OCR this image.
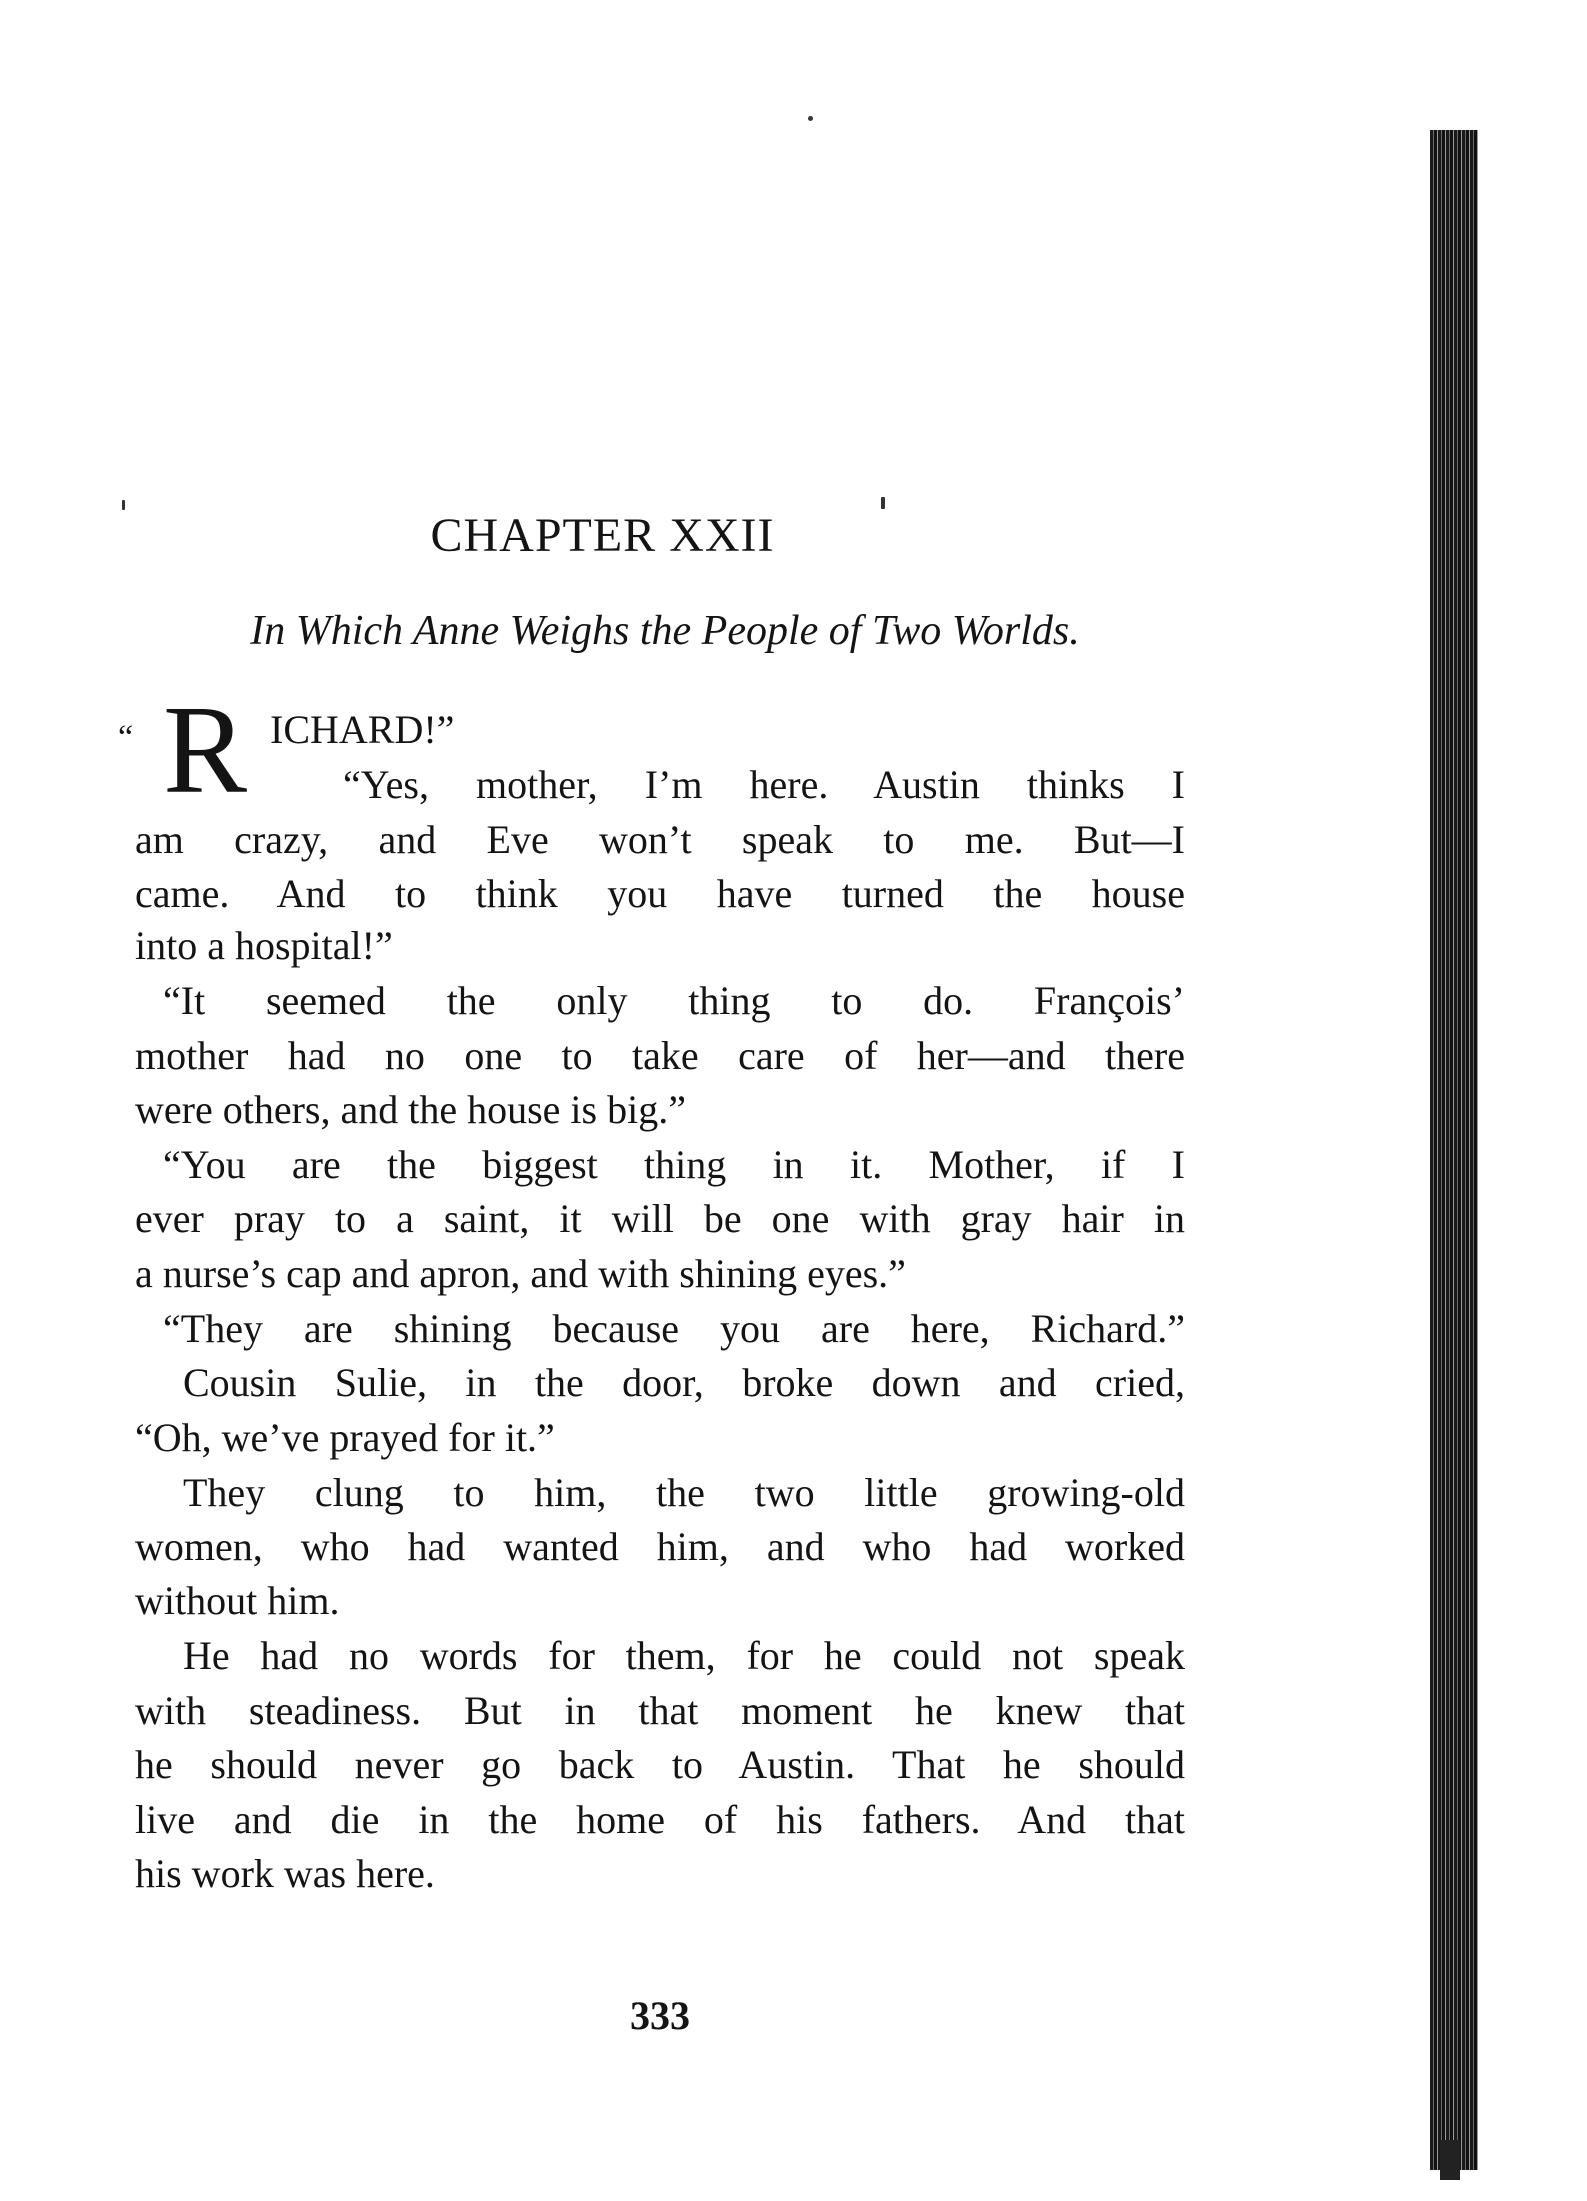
CHAPTER XXII
In Which Anne Weighs the People of Two Worlds.
“ R ICHARD!”
“Yes, mother, I’m here. Austin thinks I
am crazy, and Eve won’t speak to me. But—I
came. And to think you have turned the house
into a hospital!”
“It seemed the only thing to do. François’
mother had no one to take care of her—and there
were others, and the house is big.”
“You are the biggest thing in it. Mother, if I
ever pray to a saint, it will be one with gray hair in
a nurse’s cap and apron, and with shining eyes.”
“They are shining because you are here, Richard.”
Cousin Sulie, in the door, broke down and cried,
“Oh, we’ve prayed for it.”
They clung to him, the two little growing-old
women, who had wanted him, and who had worked
without him.
He had no words for them, for he could not speak
with steadiness. But in that moment he knew that
he should never go back to Austin. That he should
live and die in the home of his fathers. And that
his work was here.
333
